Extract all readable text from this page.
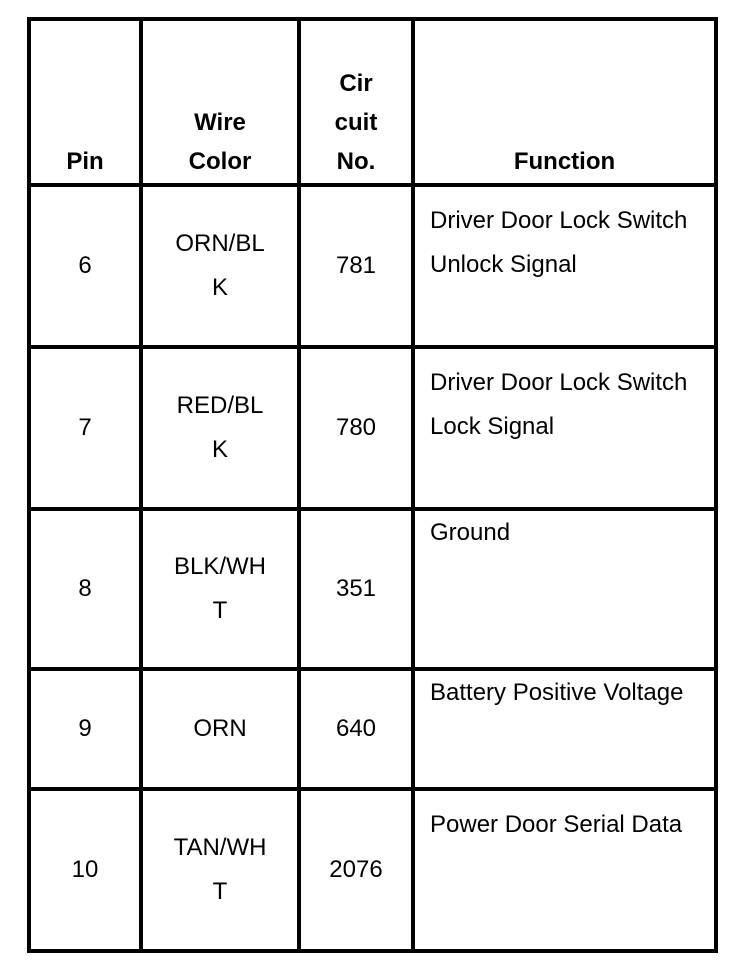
Pin	Wire Color	Cir cuit No.	Function
6	ORN/BLK	781	Driver Door Lock Switch Unlock Signal

7	RED/BLK	780	Driver Door Lock Switch Lock Signal

8	BLK/WHT	351	Ground

9	ORN	640	Battery Positive Voltage

10	TAN/WHT	2076	Power Door Serial Data
